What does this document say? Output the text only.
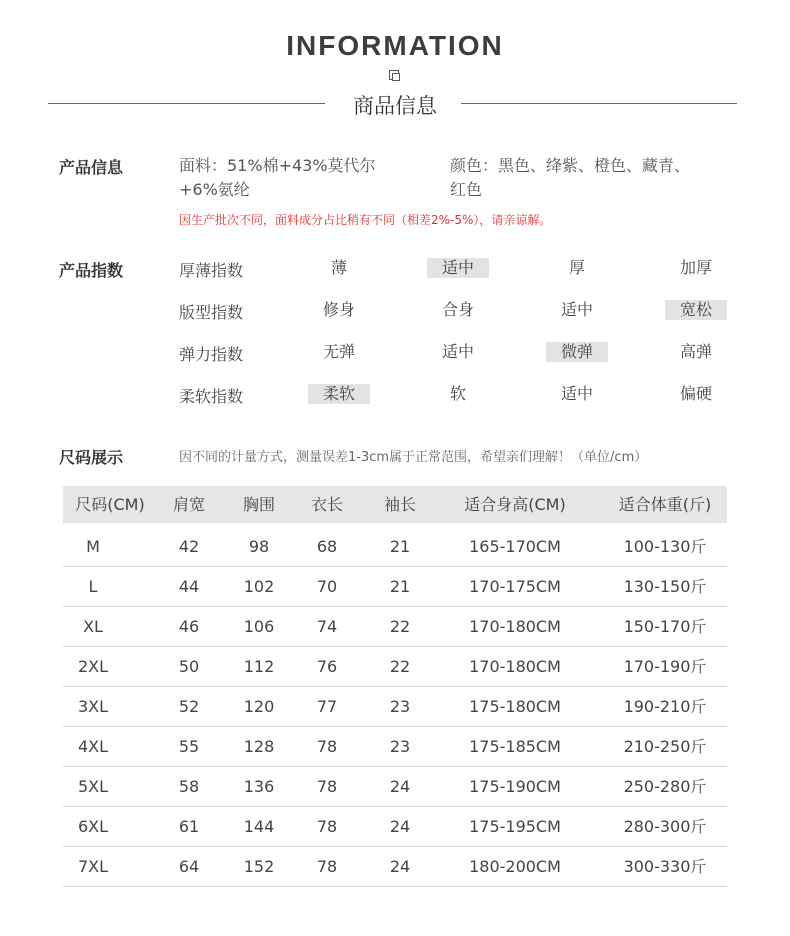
INFORMATION
商品信息
产品信息	面料：51%棉+43%莫代尔
+6%氨纶
颜色：黑色、绛紫、橙色、藏青、
红色
因生产批次不同，面料成分占比稍有不同（相差2%-5%），请亲谅解。
产品指数	厚薄指数	薄	适中	厚	加厚
版型指数	修身	合身	适中	宽松
弹力指数	无弹	适中	微弹	高弹
柔软指数	柔软	软	适中	偏硬
尺码展示	因不同的计量方式，测量误差1-3cm属于正常范围，希望亲们理解！（单位/cm）
尺码(CM)	肩宽	胸围	衣长	袖长	适合身高(CM)	适合体重(斤)
M	42	98	68	21	165-170CM	100-130斤
L	44	102	70	21	170-175CM	130-150斤
XL	46	106	74	22	170-180CM	150-170斤
2XL	50	112	76	22	170-180CM	170-190斤
3XL	52	120	77	23	175-180CM	190-210斤
4XL	55	128	78	23	175-185CM	210-250斤
5XL	58	136	78	24	175-190CM	250-280斤
6XL	61	144	78	24	175-195CM	280-300斤
7XL	64	152	78	24	180-200CM	300-330斤
